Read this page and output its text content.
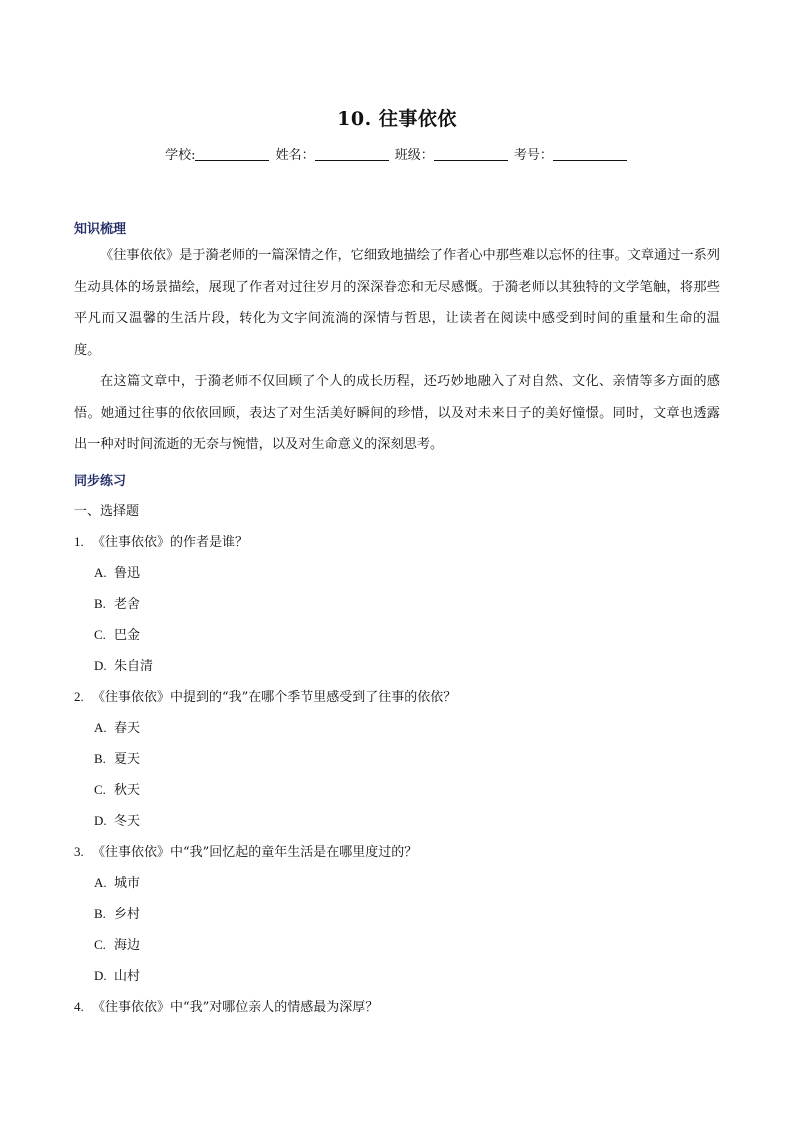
10. 往事依依
学校:	姓名：	班级：	考号：
知识梳理

《往事依依》是于漪老师的一篇深情之作，它细致地描绘了作者心中那些难以忘怀的往事。文章通过一系列生动具体的场景描绘，展现了作者对过往岁月的深深眷恋和无尽感慨。于漪老师以其独特的文学笔触，将那些平凡而又温馨的生活片段，转化为文字间流淌的深情与哲思，让读者在阅读中感受到时间的重量和生命的温度。

在这篇文章中，于漪老师不仅回顾了个人的成长历程，还巧妙地融入了对自然、文化、亲情等多方面的感悟。她通过往事的依依回顾，表达了对生活美好瞬间的珍惜，以及对未来日子的美好憧憬。同时，文章也透露出一种对时间流逝的无奈与惋惜，以及对生命意义的深刻思考。

同步练习
一、选择题
1. 《往事依依》的作者是谁？
A. 鲁迅
B. 老舍
C. 巴金
D. 朱自清
2. 《往事依依》中提到的“我”在哪个季节里感受到了往事的依依？
A. 春天
B. 夏天
C. 秋天
D. 冬天
3. 《往事依依》中“我”回忆起的童年生活是在哪里度过的？
A. 城市
B. 乡村
C. 海边
D. 山村
4. 《往事依依》中“我”对哪位亲人的情感最为深厚？
